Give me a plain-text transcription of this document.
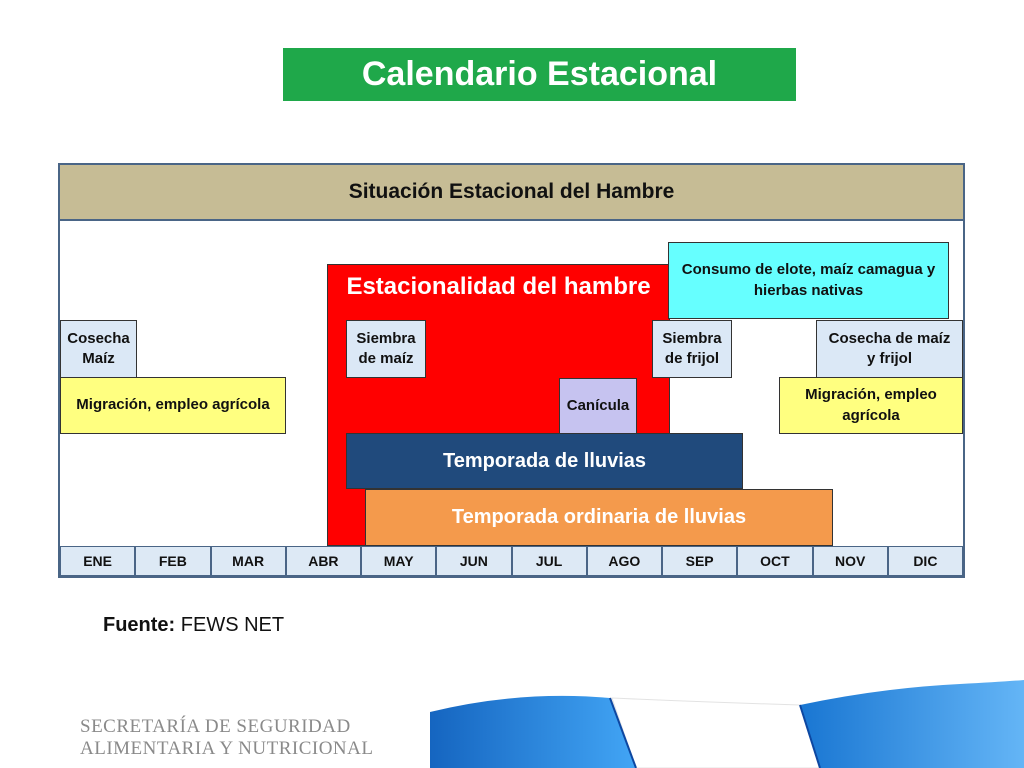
Calendario Estacional
Situación Estacional del Hambre
Estacionalidad del hambre
Cosecha Maíz
Migración, empleo agrícola
Siembra de maíz
Consumo de elote, maíz camagua y hierbas nativas
Siembra de frijol
Cosecha de maíz y frijol
Migración, empleo agrícola
Canícula
Temporada de lluvias
Temporada ordinaria de lluvias
ENE	FEB	MAR	ABR	MAY	JUN	JUL	AGO	SEP	OCT	NOV	DIC
Fuente: FEWS NET
SECRETARÍA DE SEGURIDAD
ALIMENTARIA Y NUTRICIONAL
